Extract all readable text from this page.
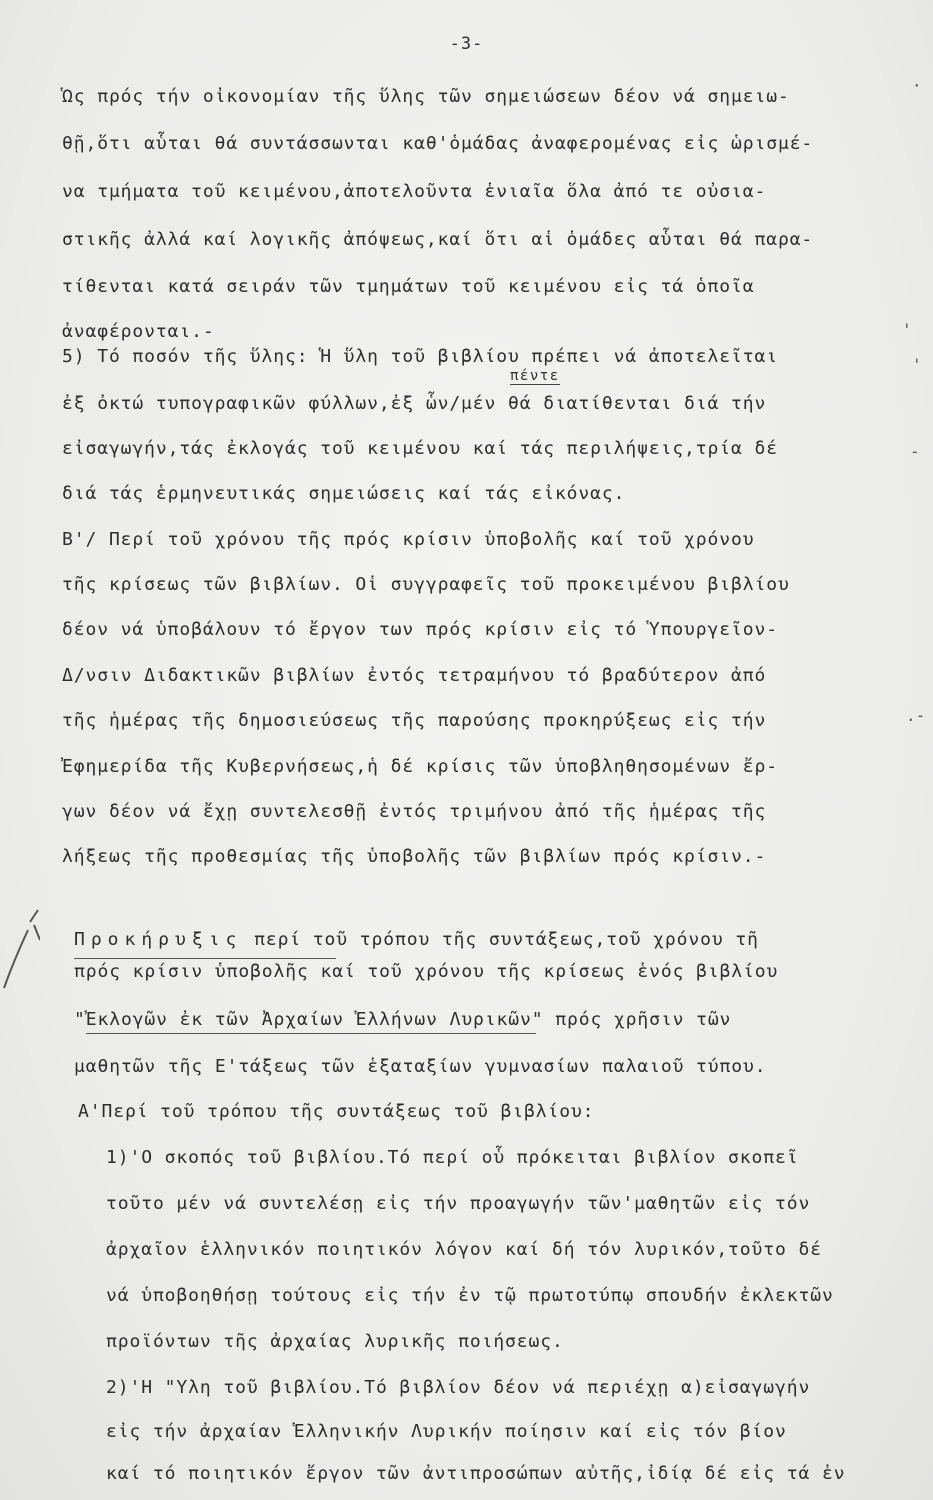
-3-
Ὡς πρός τήν οἰκονομίαν τῆς ὕλης τῶν σημειώσεων δέον νά σημειω-
θῇ,ὅτι αὗται θά συντάσσωνται καθ'ὁμάδας ἀναφερομένας εἰς ὡρισμέ-
να τμήματα τοῦ κειμένου,ἀποτελοῦντα ἑνιαῖα ὅλα ἀπό τε οὐσια-
στικῆς ἀλλά καί λογικῆς ἀπόψεως,καί ὅτι αἱ ὁμάδες αὗται θά παρα-
τίθενται κατά σειράν τῶν τμημάτων τοῦ κειμένου εἰς τά ὁποῖα
ἀναφέρονται.-
5) Τό ποσόν τῆς ὕλης: Ἡ ὕλη τοῦ βιβλίου πρέπει νά ἀποτελεῖται
πέντε
ἐξ ὀκτώ τυπογραφικῶν φύλλων,ἐξ ὧν/μέν θά διατίθενται διά τήν
εἰσαγωγήν,τάς ἐκλογάς τοῦ κειμένου καί τάς περιλήψεις,τρία δέ
διά τάς ἑρμηνευτικάς σημειώσεις καί τάς εἰκόνας.
Β'/ Περί τοῦ χρόνου τῆς πρός κρίσιν ὑποβολῆς καί τοῦ χρόνου
τῆς κρίσεως τῶν βιβλίων. Οἱ συγγραφεῖς τοῦ προκειμένου βιβλίου
δέον νά ὑποβάλουν τό ἔργον των πρός κρίσιν εἰς τό Ὑπουργεῖον-
Δ/νσιν Διδακτικῶν βιβλίων ἐντός τετραμήνου τό βραδύτερον ἀπό
τῆς ἡμέρας τῆς δημοσιεύσεως τῆς παρούσης προκηρύξεως εἰς τήν
Ἐφημερίδα τῆς Κυβερνήσεως,ἡ δέ κρίσις τῶν ὑποβληθησομένων ἔρ-
γων δέον νά ἔχῃ συντελεσθῇ ἐντός τριμήνου ἀπό τῆς ἡμέρας τῆς
λήξεως τῆς προθεσμίας τῆς ὑποβολῆς τῶν βιβλίων πρός κρίσιν.-
Προκήρυξις περί τοῦ τρόπου τῆς συντάξεως,τοῦ χρόνου τῆ
πρός κρίσιν ὑποβολῆς καί τοῦ χρόνου τῆς κρίσεως ἑνός βιβλίου
"Ἐκλογῶν ἐκ τῶν Ἀρχαίων Ἑλλήνων Λυρικῶν" πρός χρῆσιν τῶν
μαθητῶν τῆς Ε'τάξεως τῶν ἑξαταξίων γυμνασίων παλαιοῦ τύπου.
Α'Περί τοῦ τρόπου τῆς συντάξεως τοῦ βιβλίου:
1)'Ο σκοπός τοῦ βιβλίου.Τό περί οὗ πρόκειται βιβλίον σκοπεῖ
τοῦτο μέν νά συντελέσῃ εἰς τήν προαγωγήν τῶν'μαθητῶν εἰς τόν
ἀρχαῖον ἑλληνικόν ποιητικόν λόγον καί δή τόν λυρικόν,τοῦτο δέ
νά ὑποβοηθήσῃ τούτους εἰς τήν ἐν τῷ πρωτοτύπῳ σπουδήν ἐκλεκτῶν
προϊόντων τῆς ἀρχαίας λυρικῆς ποιήσεως.
2)'Η "Υλη τοῦ βιβλίου.Τό βιβλίον δέον νά περιέχῃ α)εἰσαγωγήν
εἰς τήν ἀρχαίαν Ἑλληνικήν Λυρικήν ποίησιν καί εἰς τόν βίον
καί τό ποιητικόν ἔργον τῶν ἀντιπροσώπων αὐτῆς,ἰδίᾳ δέ εἰς τά ἐν
·
'
'
-
.-
